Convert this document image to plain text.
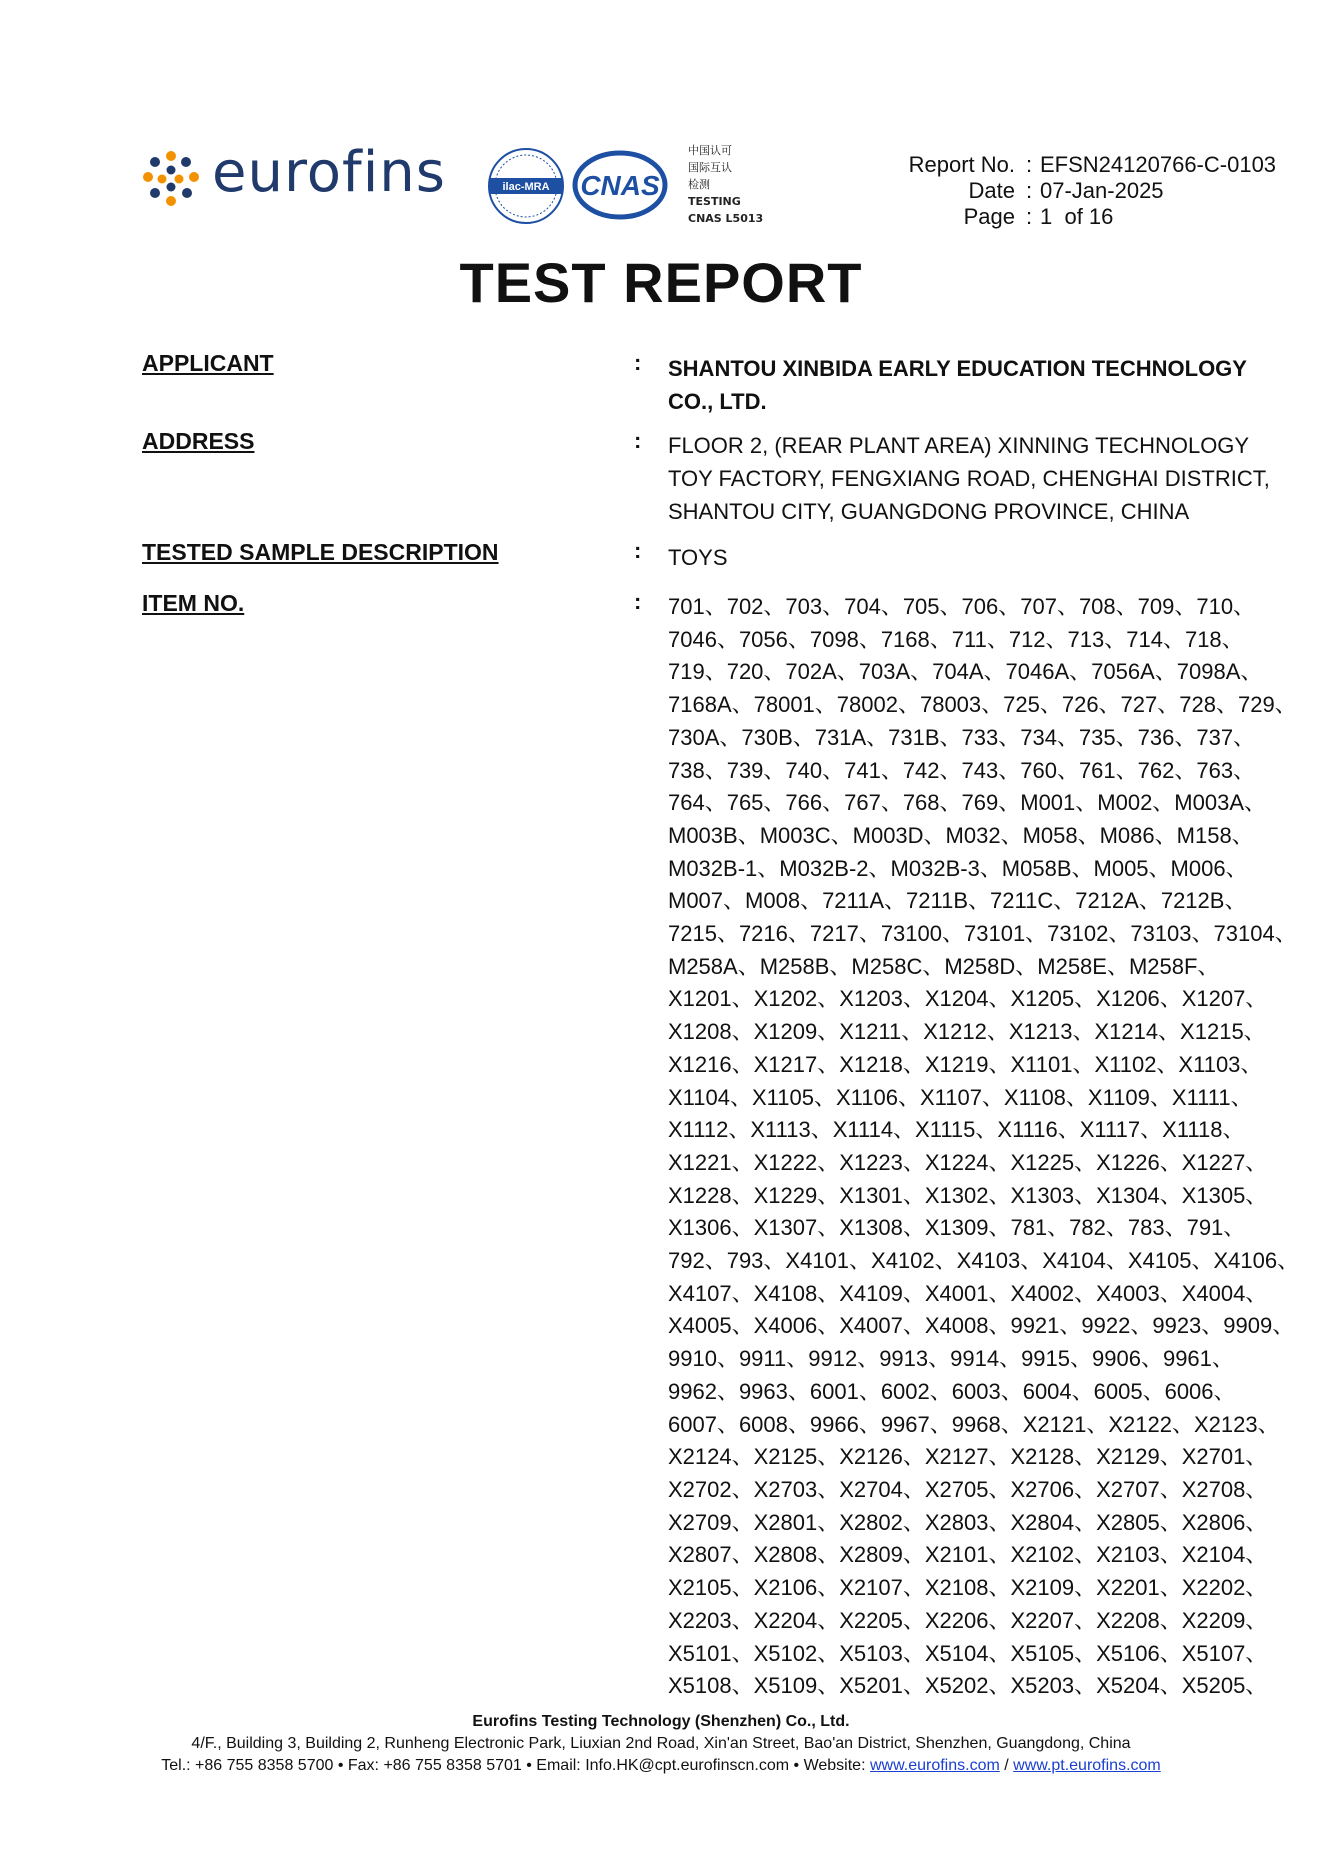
eurofins	ilac-MRA CNAS
中国认可
国际互认
检测
TESTING
CNAS L5013
Report No. : EFSN24120766-C-0103
Date : 07-Jan-2025
Page : 1  of 16
TEST REPORT
APPLICANT	: SHANTOU XINBIDA EARLY EDUCATION TECHNOLOGY
CO., LTD.
ADDRESS	: FLOOR 2, (REAR PLANT AREA) XINNING TECHNOLOGY
TOY FACTORY, FENGXIANG ROAD, CHENGHAI DISTRICT,
SHANTOU CITY, GUANGDONG PROVINCE, CHINA
TESTED SAMPLE DESCRIPTION	: TOYS
ITEM NO.	: 701、702、703、704、705、706、707、708、709、710、
7046、7056、7098、7168、711、712、713、714、718、
719、720、702A、703A、704A、7046A、7056A、7098A、
7168A、78001、78002、78003、725、726、727、728、729、
730A、730B、731A、731B、733、734、735、736、737、
738、739、740、741、742、743、760、761、762、763、
764、765、766、767、768、769、M001、M002、M003A、
M003B、M003C、M003D、M032、M058、M086、M158、
M032B-1、M032B-2、M032B-3、M058B、M005、M006、
M007、M008、7211A、7211B、7211C、7212A、7212B、
7215、7216、7217、73100、73101、73102、73103、73104、
M258A、M258B、M258C、M258D、M258E、M258F、
X1201、X1202、X1203、X1204、X1205、X1206、X1207、
X1208、X1209、X1211、X1212、X1213、X1214、X1215、
X1216、X1217、X1218、X1219、X1101、X1102、X1103、
X1104、X1105、X1106、X1107、X1108、X1109、X1111、
X1112、X1113、X1114、X1115、X1116、X1117、X1118、
X1221、X1222、X1223、X1224、X1225、X1226、X1227、
X1228、X1229、X1301、X1302、X1303、X1304、X1305、
X1306、X1307、X1308、X1309、781、782、783、791、
792、793、X4101、X4102、X4103、X4104、X4105、X4106、
X4107、X4108、X4109、X4001、X4002、X4003、X4004、
X4005、X4006、X4007、X4008、9921、9922、9923、9909、
9910、9911、9912、9913、9914、9915、9906、9961、
9962、9963、6001、6002、6003、6004、6005、6006、
6007、6008、9966、9967、9968、X2121、X2122、X2123、
X2124、X2125、X2126、X2127、X2128、X2129、X2701、
X2702、X2703、X2704、X2705、X2706、X2707、X2708、
X2709、X2801、X2802、X2803、X2804、X2805、X2806、
X2807、X2808、X2809、X2101、X2102、X2103、X2104、
X2105、X2106、X2107、X2108、X2109、X2201、X2202、
X2203、X2204、X2205、X2206、X2207、X2208、X2209、
X5101、X5102、X5103、X5104、X5105、X5106、X5107、
X5108、X5109、X5201、X5202、X5203、X5204、X5205、
Eurofins Testing Technology (Shenzhen) Co., Ltd.
4/F., Building 3, Building 2, Runheng Electronic Park, Liuxian 2nd Road, Xin'an Street, Bao'an District, Shenzhen, Guangdong, China
Tel.: +86 755 8358 5700 • Fax: +86 755 8358 5701 • Email: Info.HK@cpt.eurofinscn.com • Website: www.eurofins.com / www.pt.eurofins.com
